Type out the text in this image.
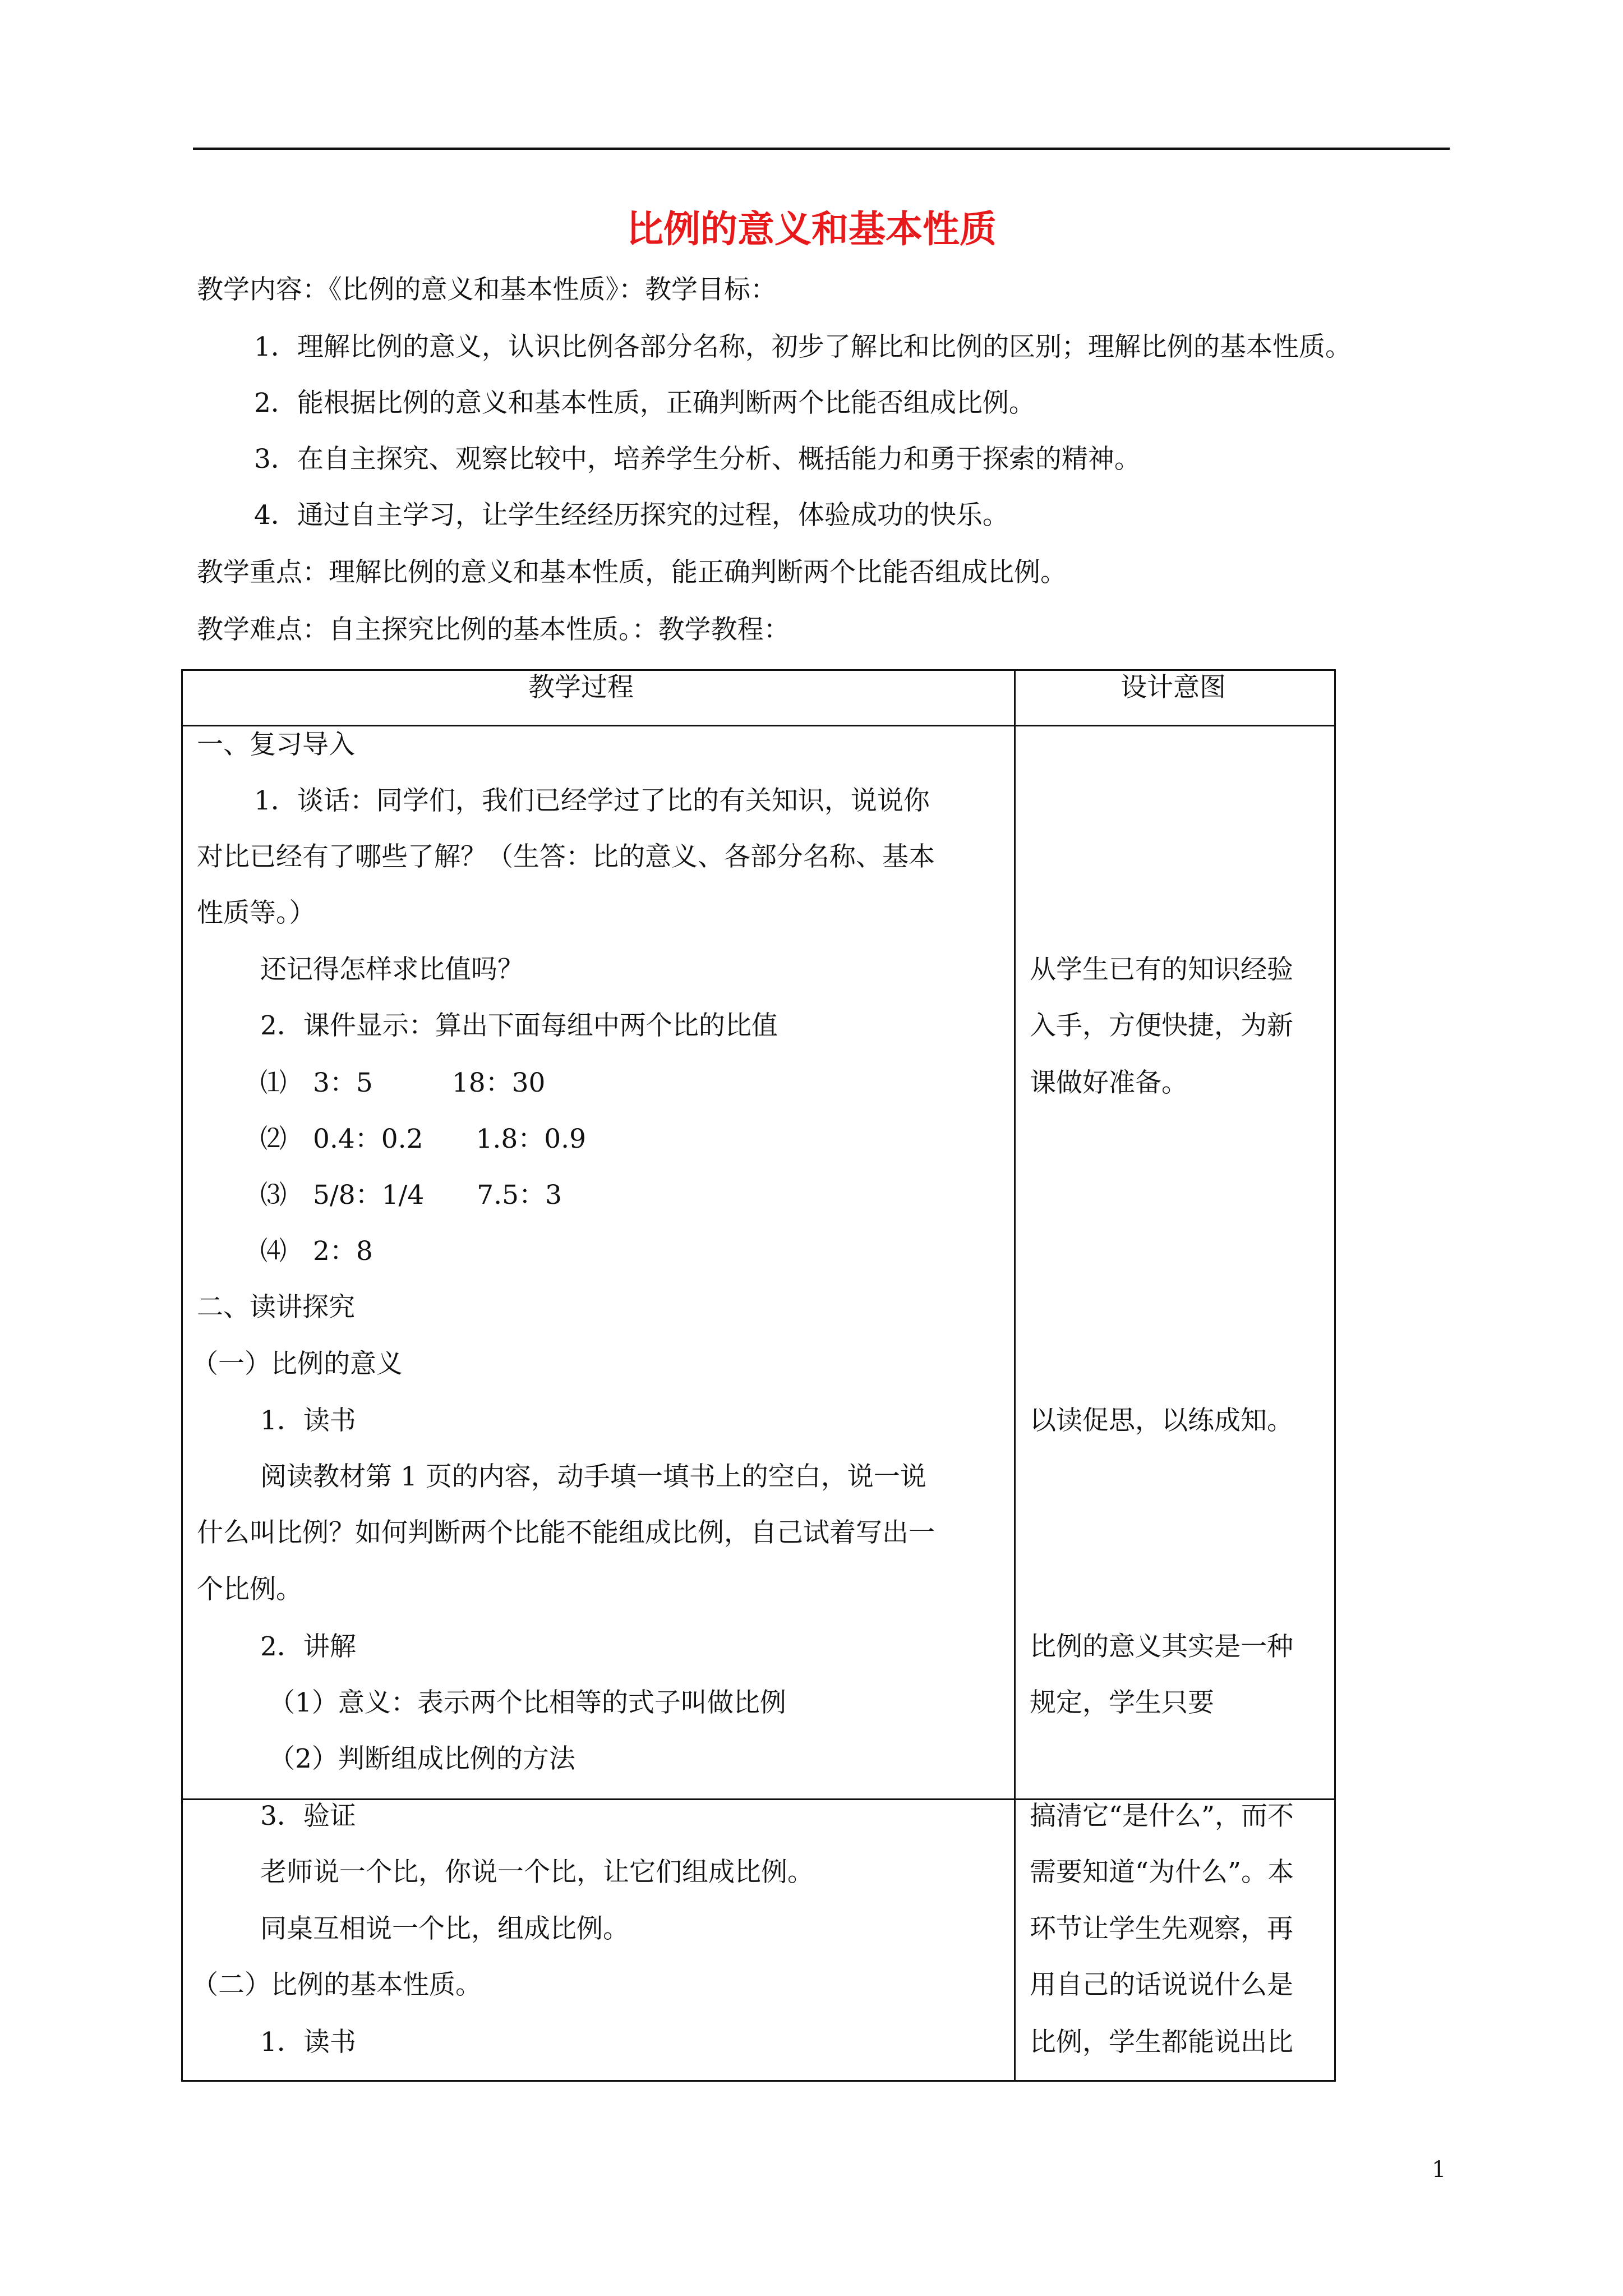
比例的意义和基本性质
教学内容：《比例的意义和基本性质》：教学目标：
1．理解比例的意义，认识比例各部分名称，初步了解比和比例的区别；理解比例的基本性质。
2．能根据比例的意义和基本性质，正确判断两个比能否组成比例。
3．在自主探究、观察比较中，培养学生分析、概括能力和勇于探索的精神。
4．通过自主学习，让学生经经历探究的过程，体验成功的快乐。
教学重点：理解比例的意义和基本性质，能正确判断两个比能否组成比例。
教学难点：自主探究比例的基本性质。：教学教程：
教学过程	设计意图
一、复习导入
1．谈话：同学们，我们已经学过了比的有关知识，说说你
对比已经有了哪些了解？（生答：比的意义、各部分名称、基本
性质等。）
还记得怎样求比值吗？
2．课件显示：算出下面每组中两个比的比值
⑴　3：5　　　18：30
⑵　0.4：0.2　　1.8：0.9
⑶　5/8：1/4　　7.5：3
⑷　2：8
二、读讲探究
（一）比例的意义
1．读书
阅读教材第 1 页的内容，动手填一填书上的空白，说一说
什么叫比例？如何判断两个比能不能组成比例，自己试着写出一
个比例。
2．讲解
（1）意义：表示两个比相等的式子叫做比例
（2）判断组成比例的方法
3．验证
老师说一个比，你说一个比，让它们组成比例。
同桌互相说一个比，组成比例。
（二）比例的基本性质。
1．读书
从学生已有的知识经验
入手，方便快捷，为新
课做好准备。
以读促思，以练成知。
比例的意义其实是一种
规定，学生只要
搞清它“是什么”，而不
需要知道“为什么”。本
环节让学生先观察，再
用自己的话说说什么是
比例，学生都能说出比
1
